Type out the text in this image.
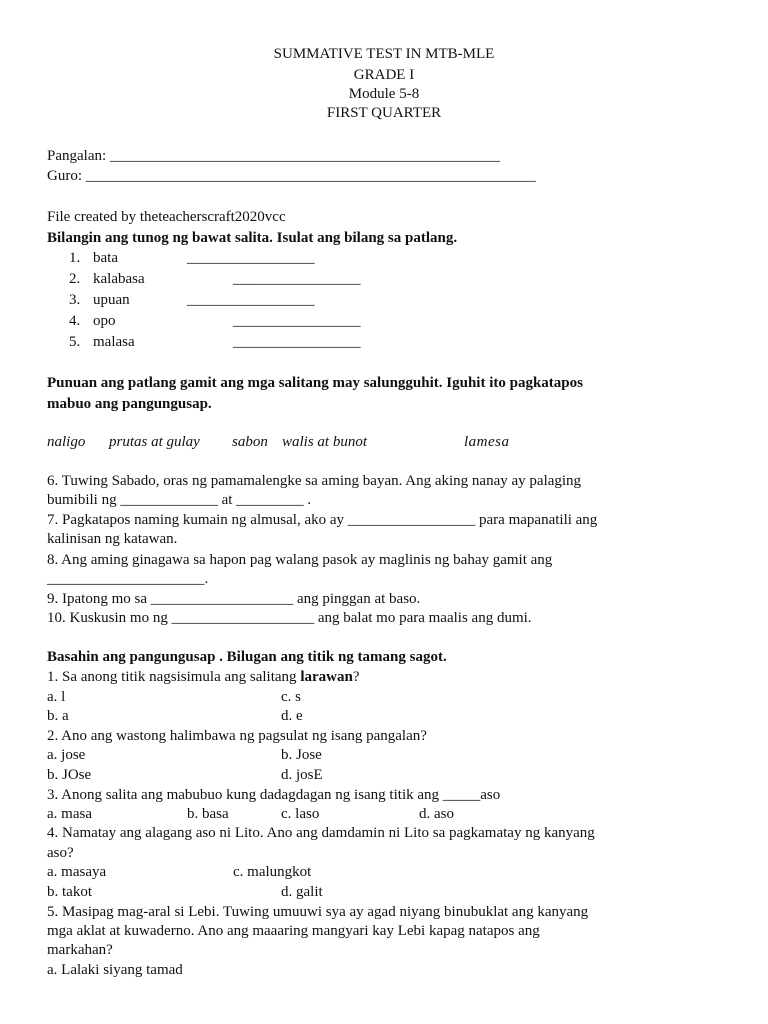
SUMMATIVE TEST IN MTB-MLE
GRADE I
Module 5-8
FIRST QUARTER
Pangalan: ____________________________________________________
Guro: ____________________________________________________________
File created by theteacherscraft2020vcc
Bilangin ang tunog ng bawat salita. Isulat ang bilang sa patlang.
1. bata	_________________
2. kalabasa	_________________
3. upuan	_________________
4. opo	_________________
5. malasa	_________________
Punuan ang patlang gamit ang mga salitang may salungguhit. Iguhit ito pagkatapos
mabuo ang pangungusap.
naligo prutas at gulay sabon walis at bunot	lamesa
6. Tuwing Sabado, oras ng pamamalengke sa aming bayan. Ang aking nanay ay palaging
bumibili ng _____________ at _________ .
7. Pagkatapos naming kumain ng almusal, ako ay _________________ para mapanatili ang
kalinisan ng katawan.
8. Ang aming ginagawa sa hapon pag walang pasok ay maglinis ng bahay gamit ang
_____________________.
9. Ipatong mo sa ___________________ ang pinggan at baso.
10. Kuskusin mo ng ___________________ ang balat mo para maalis ang dumi.
Basahin ang pangungusap . Bilugan ang titik ng tamang sagot.
1. Sa anong titik nagsisimula ang salitang larawan?
a. l	c. s
b. a	d. e
2. Ano ang wastong halimbawa ng pagsulat ng isang pangalan?
a. jose	b. Jose
b. JOse	d. josE
3. Anong salita ang mabubuo kung dadagdagan ng isang titik ang _____aso
a. masa	b. basa	c. laso	d. aso
4. Namatay ang alagang aso ni Lito. Ano ang damdamin ni Lito sa pagkamatay ng kanyang
aso?
a. masaya	c. malungkot
b. takot	d. galit
5. Masipag mag-aral si Lebi. Tuwing umuuwi sya ay agad niyang binubuklat ang kanyang
mga aklat at kuwaderno. Ano ang maaaring mangyari kay Lebi kapag natapos ang
markahan?
a. Lalaki siyang tamad
